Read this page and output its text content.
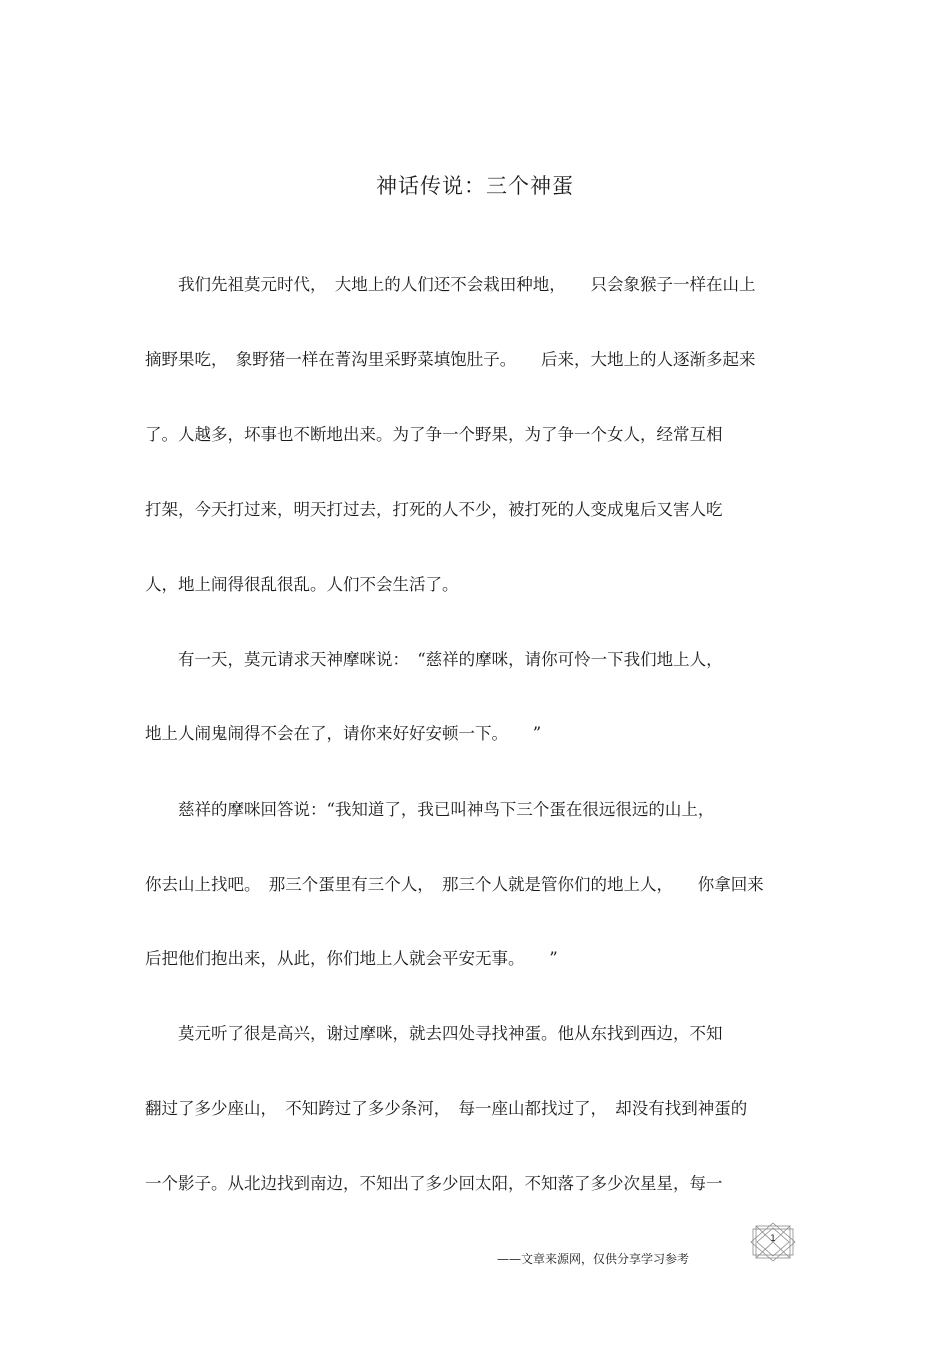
神话传说：三个神蛋

　　我们先祖莫元时代，　大地上的人们还不会栽田种地，　　只会象猴子一样在山上

摘野果吃，　象野猪一样在菁沟里采野菜填饱肚子。　　后来，大地上的人逐渐多起来

了。人越多，坏事也不断地出来。为了争一个野果，为了争一个女人，经常互相

打架，今天打过来，明天打过去，打死的人不少，被打死的人变成鬼后又害人吃

人，地上闹得很乱很乱。人们不会生活了。

　　有一天，莫元请求天神摩咪说：　“慈祥的摩咪，请你可怜一下我们地上人，

地上人闹鬼闹得不会在了，请你来好好安顿一下。　　”

　　慈祥的摩咪回答说：“我知道了，我已叫神鸟下三个蛋在很远很远的山上，

你去山上找吧。　那三个蛋里有三个人，　那三个人就是管你们的地上人，　　你拿回来

后把他们抱出来，从此，你们地上人就会平安无事。　　”

　　莫元听了很是高兴，谢过摩咪，就去四处寻找神蛋。他从东找到西边，不知

翻过了多少座山，　不知跨过了多少条河，　每一座山都找过了，　却没有找到神蛋的

一个影子。从北边找到南边，不知出了多少回太阳，不知落了多少次星星，每一

——文章来源网，仅供分享学习参考
1
